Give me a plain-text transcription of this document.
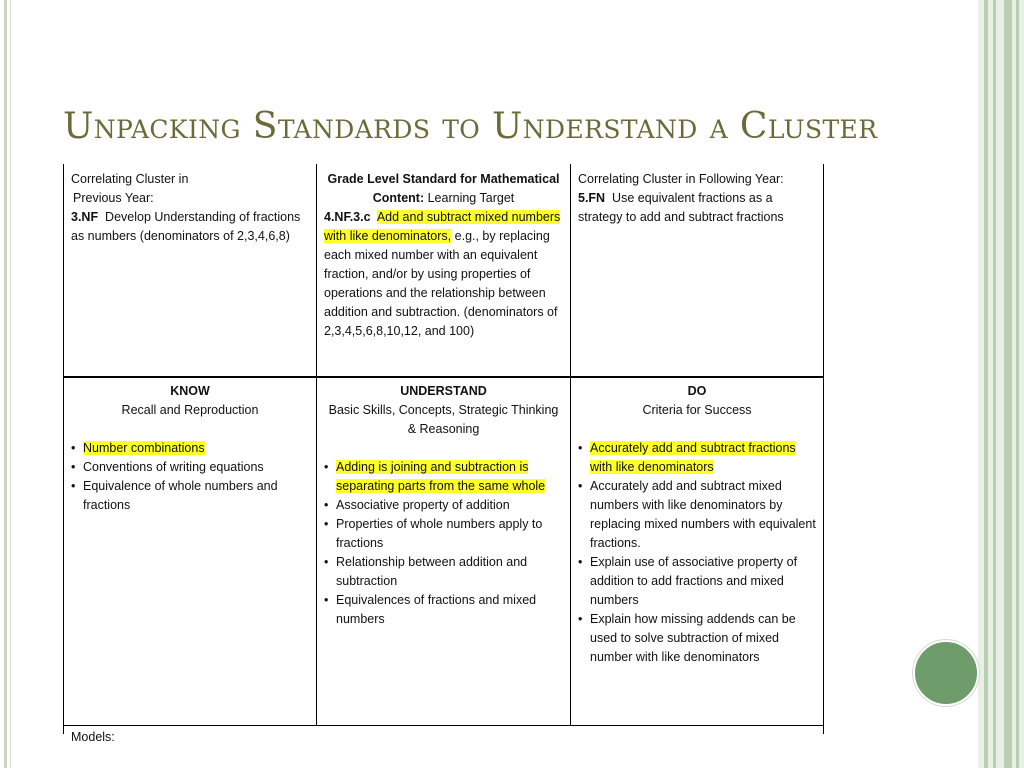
Unpacking Standards to Understand a Cluster
Correlating Cluster in
Previous Year:
3.NF Develop Understanding of fractions as numbers (denominators of 2,3,4,6,8)
Grade Level Standard for Mathematical Content: Learning Target
4.NF.3.c Add and subtract mixed numbers with like denominators, e.g., by replacing each mixed number with an equivalent fraction, and/or by using properties of operations and the relationship between addition and subtraction. (denominators of 2,3,4,5,6,8,10,12, and 100)
Correlating Cluster in Following Year:
5.FN Use equivalent fractions as a strategy to add and subtract fractions
KNOW
Recall and Reproduction
• Number combinations
• Conventions of writing equations
• Equivalence of whole numbers and fractions
UNDERSTAND
Basic Skills, Concepts, Strategic Thinking & Reasoning
• Adding is joining and subtraction is separating parts from the same whole
• Associative property of addition
• Properties of whole numbers apply to fractions
• Relationship between addition and subtraction
• Equivalences of fractions and mixed numbers
DO
Criteria for Success
• Accurately add and subtract fractions with like denominators
• Accurately add and subtract mixed numbers with like denominators by replacing mixed numbers with equivalent fractions.
• Explain use of associative property of addition to add fractions and mixed numbers
• Explain how missing addends can be used to solve subtraction of mixed number with like denominators
Models:
